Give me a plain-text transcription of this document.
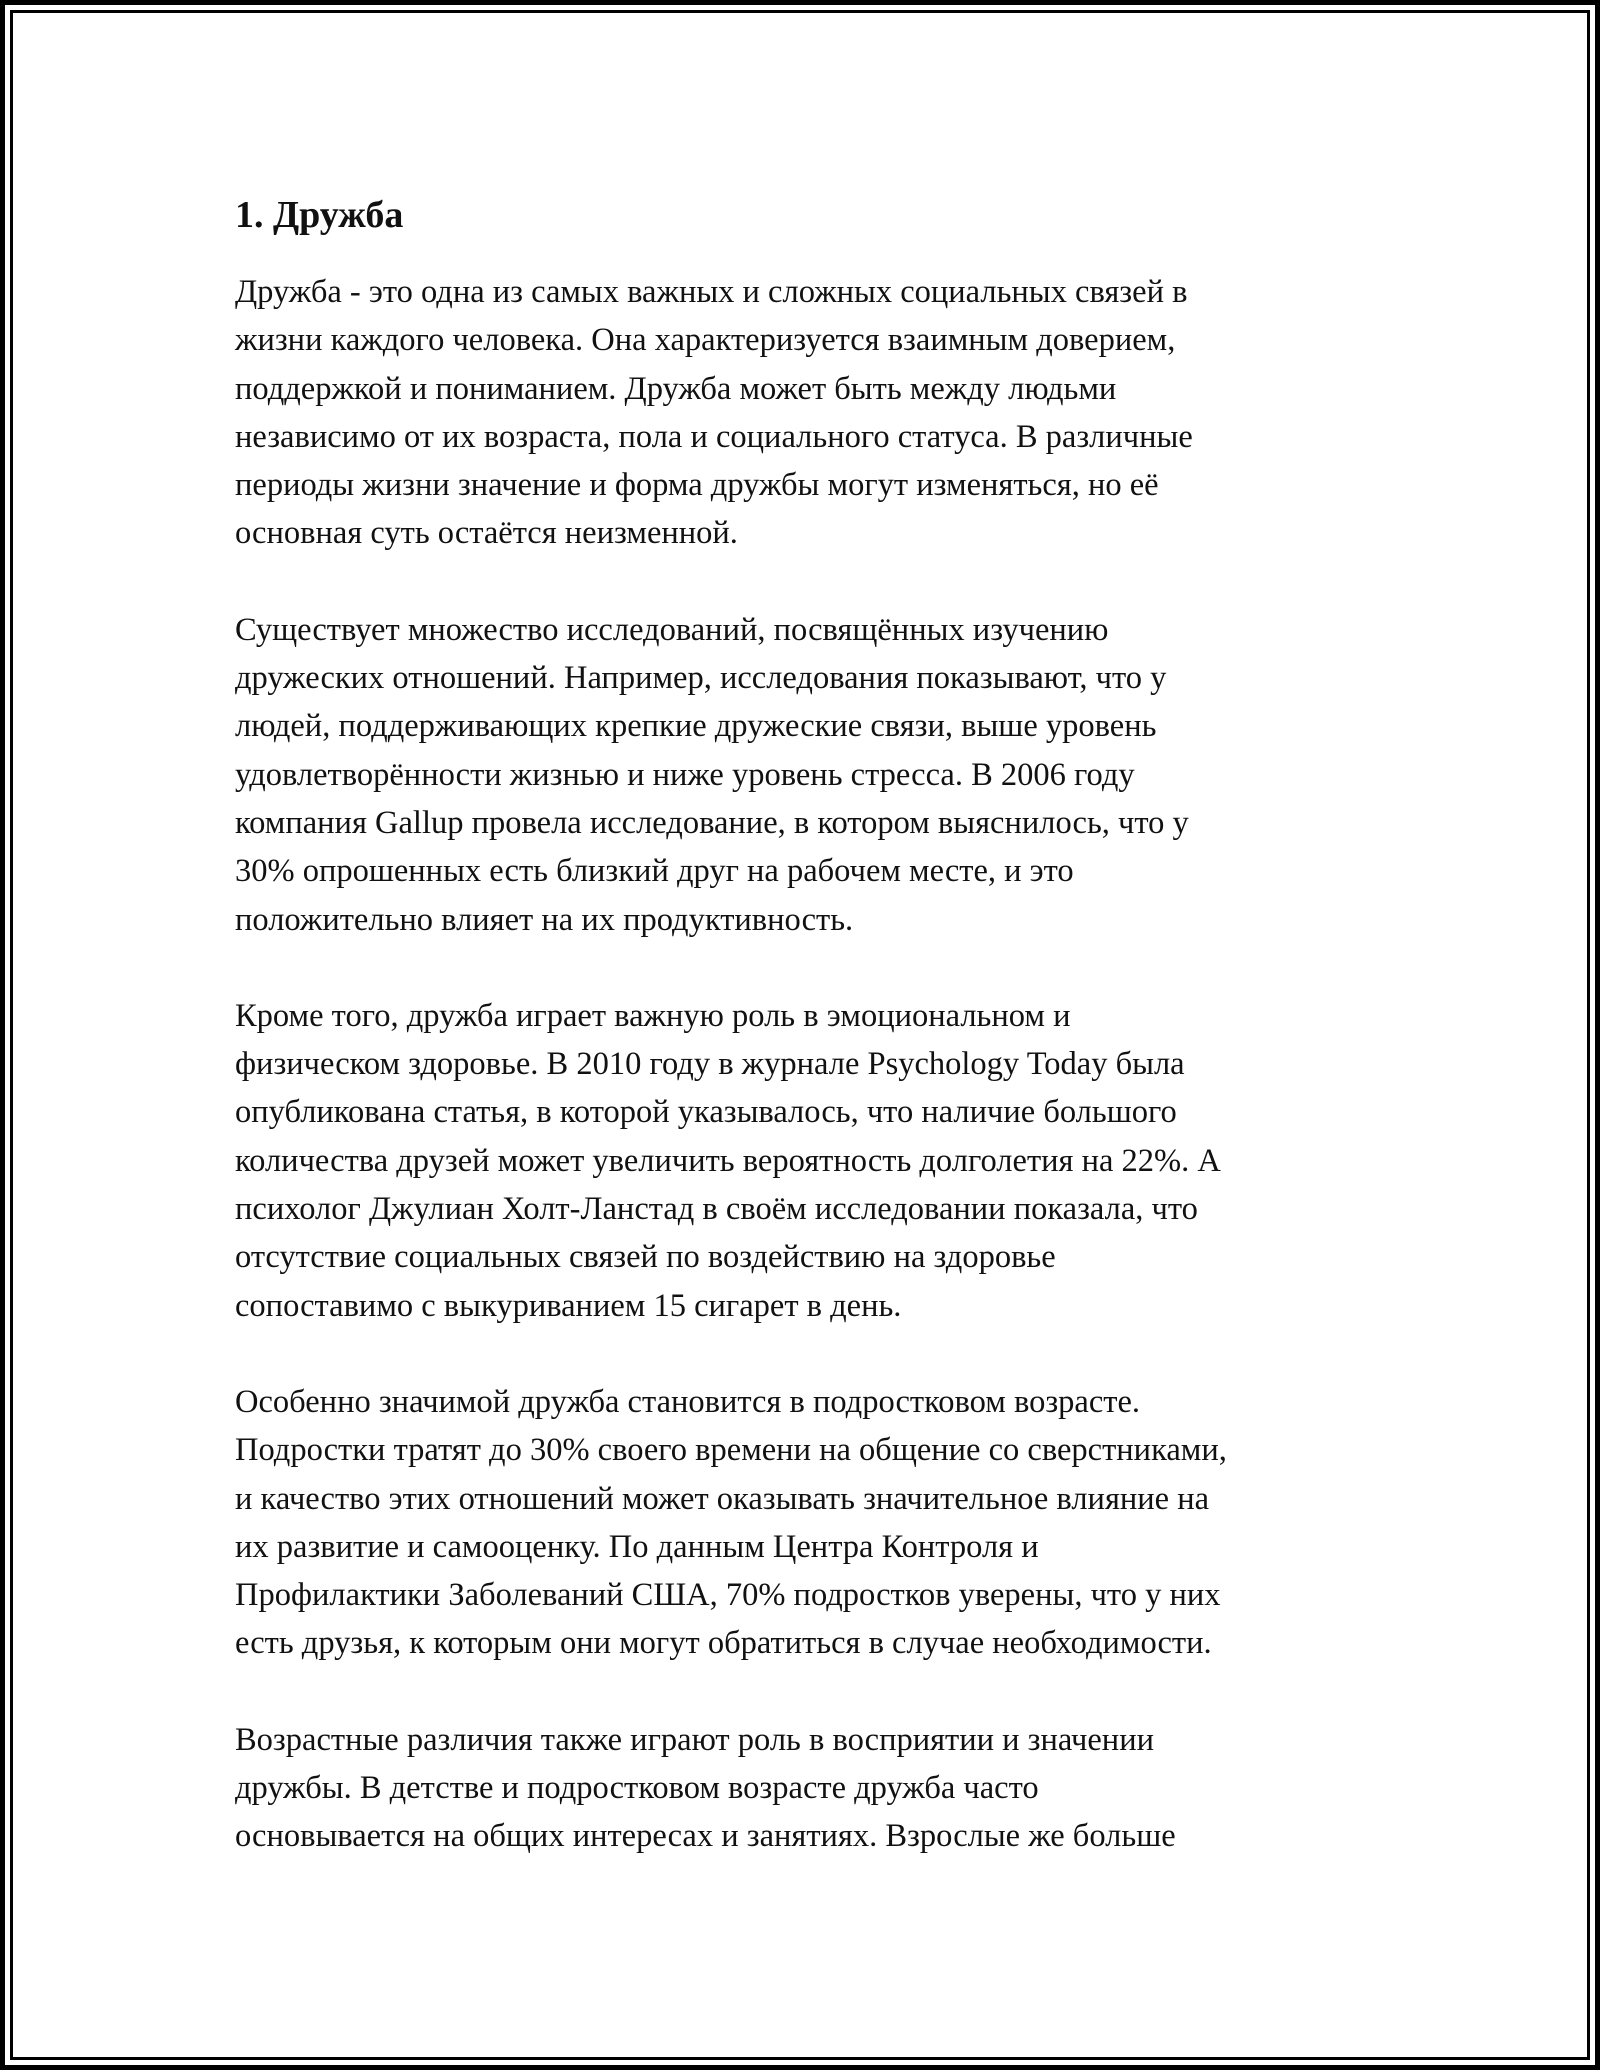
1. Дружба

Дружба - это одна из самых важных и сложных социальных связей в
жизни каждого человека. Она характеризуется взаимным доверием,
поддержкой и пониманием. Дружба может быть между людьми
независимо от их возраста, пола и социального статуса. В различные
периоды жизни значение и форма дружбы могут изменяться, но её
основная суть остаётся неизменной.

Существует множество исследований, посвящённых изучению
дружеских отношений. Например, исследования показывают, что у
людей, поддерживающих крепкие дружеские связи, выше уровень
удовлетворённости жизнью и ниже уровень стресса. В 2006 году
компания Gallup провела исследование, в котором выяснилось, что у
30% опрошенных есть близкий друг на рабочем месте, и это
положительно влияет на их продуктивность.

Кроме того, дружба играет важную роль в эмоциональном и
физическом здоровье. В 2010 году в журнале Psychology Today была
опубликована статья, в которой указывалось, что наличие большого
количества друзей может увеличить вероятность долголетия на 22%. А
психолог Джулиан Холт-Ланстад в своём исследовании показала, что
отсутствие социальных связей по воздействию на здоровье
сопоставимо с выкуриванием 15 сигарет в день.

Особенно значимой дружба становится в подростковом возрасте.
Подростки тратят до 30% своего времени на общение со сверстниками,
и качество этих отношений может оказывать значительное влияние на
их развитие и самооценку. По данным Центра Контроля и
Профилактики Заболеваний США, 70% подростков уверены, что у них
есть друзья, к которым они могут обратиться в случае необходимости.

Возрастные различия также играют роль в восприятии и значении
дружбы. В детстве и подростковом возрасте дружба часто
основывается на общих интересах и занятиях. Взрослые же больше
